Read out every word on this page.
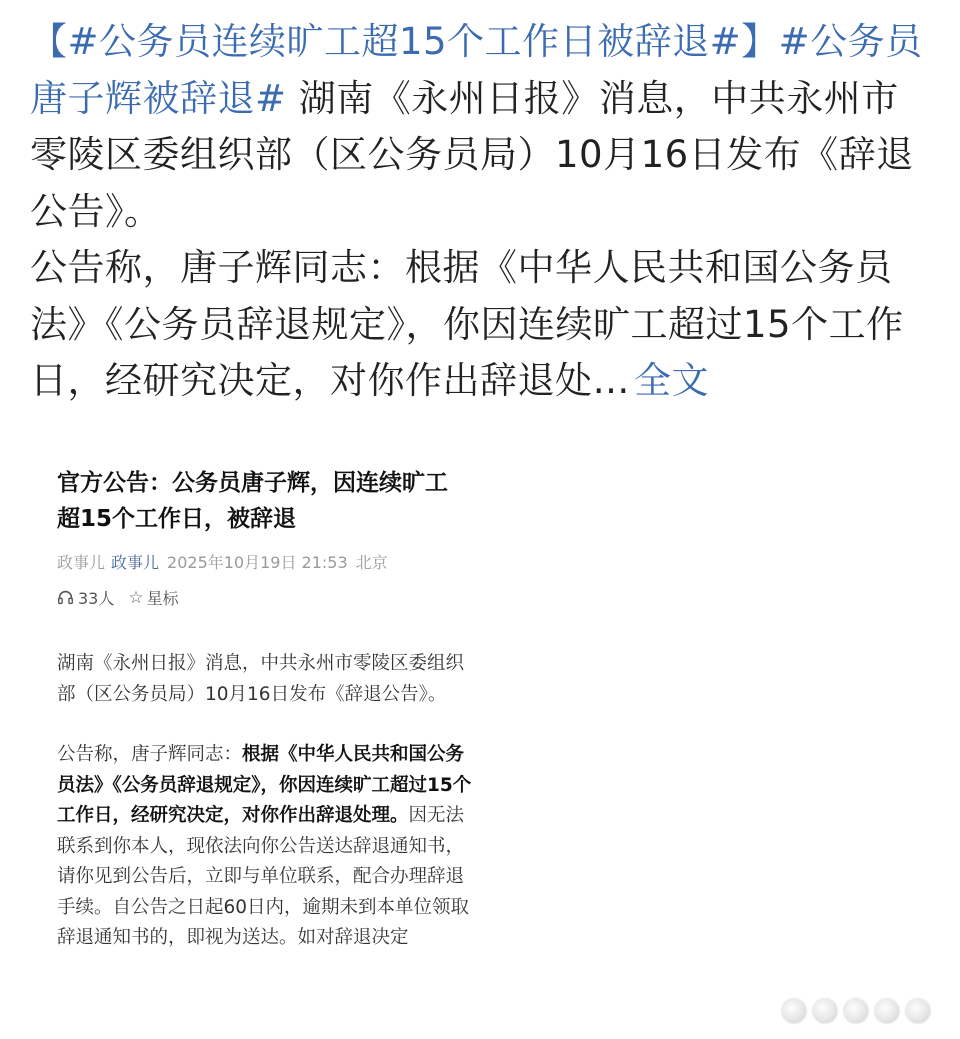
【#公务员连续旷工超15个工作日被辞退#】#公务员唐子辉被辞退# 湖南《永州日报》消息，中共永州市零陵区委组织部（区公务员局）10月16日发布《辞退公告》。

公告称，唐子辉同志：根据《中华人民共和国公务员法》《公务员辞退规定》，你因连续旷工超过15个工作日，经研究决定，对你作出辞退处… 全文

官方公告：公务员唐子辉，因连续旷工超15个工作日，被辞退
政事儿 政事儿 2025年10月19日 21:53 北京
33人 ☆ 星标

湖南《永州日报》消息，中共永州市零陵区委组织部（区公务员局）10月16日发布《辞退公告》。

公告称，唐子辉同志：根据《中华人民共和国公务员法》《公务员辞退规定》，你因连续旷工超过15个工作日，经研究决定，对你作出辞退处理。因无法联系到你本人，现依法向你公告送达辞退通知书，请你见到公告后，立即与单位联系，配合办理辞退手续。自公告之日起60日内，逾期未到本单位领取辞退通知书的，即视为送达。如对辞退决定
